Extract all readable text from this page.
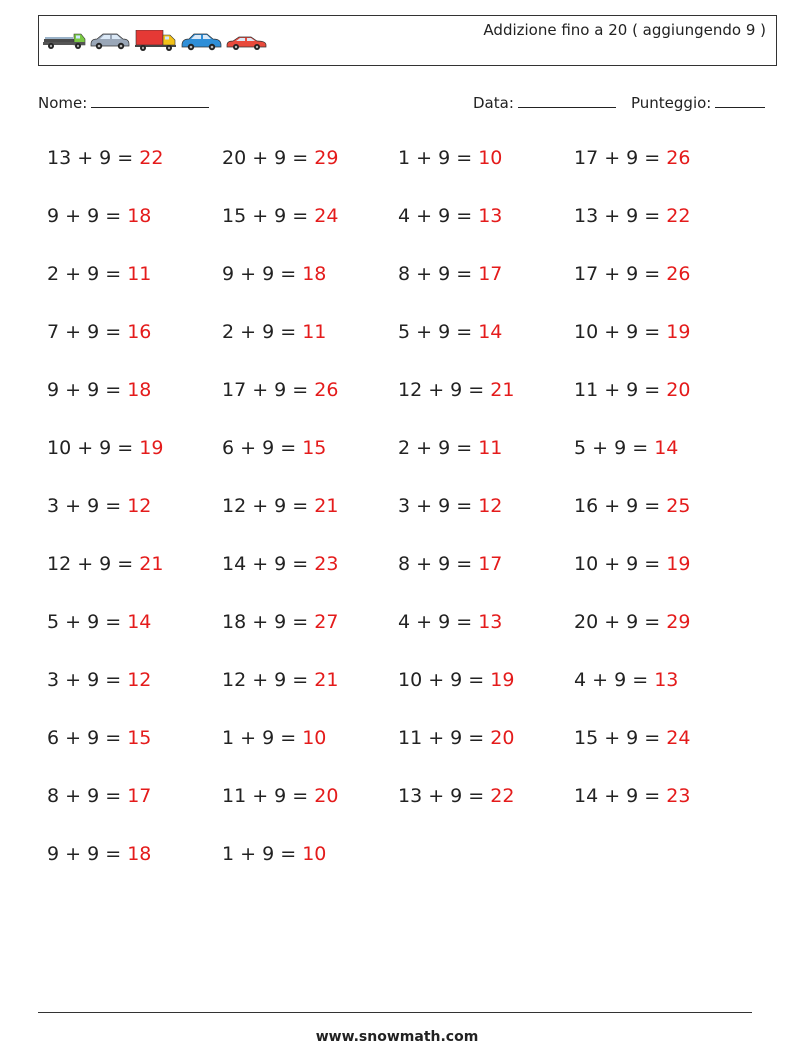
Addizione fino a 20 ( aggiungendo 9 )
Nome:	Data:	Punteggio:
13 + 9 = 22	20 + 9 = 29	1 + 9 = 10	17 + 9 = 26
9 + 9 = 18	15 + 9 = 24	4 + 9 = 13	13 + 9 = 22
2 + 9 = 11	9 + 9 = 18	8 + 9 = 17	17 + 9 = 26
7 + 9 = 16	2 + 9 = 11	5 + 9 = 14	10 + 9 = 19
9 + 9 = 18	17 + 9 = 26	12 + 9 = 21	11 + 9 = 20
10 + 9 = 19	6 + 9 = 15	2 + 9 = 11	5 + 9 = 14
3 + 9 = 12	12 + 9 = 21	3 + 9 = 12	16 + 9 = 25
12 + 9 = 21	14 + 9 = 23	8 + 9 = 17	10 + 9 = 19
5 + 9 = 14	18 + 9 = 27	4 + 9 = 13	20 + 9 = 29
3 + 9 = 12	12 + 9 = 21	10 + 9 = 19	4 + 9 = 13
6 + 9 = 15	1 + 9 = 10	11 + 9 = 20	15 + 9 = 24
8 + 9 = 17	11 + 9 = 20	13 + 9 = 22	14 + 9 = 23
9 + 9 = 18	1 + 9 = 10
www.snowmath.com
